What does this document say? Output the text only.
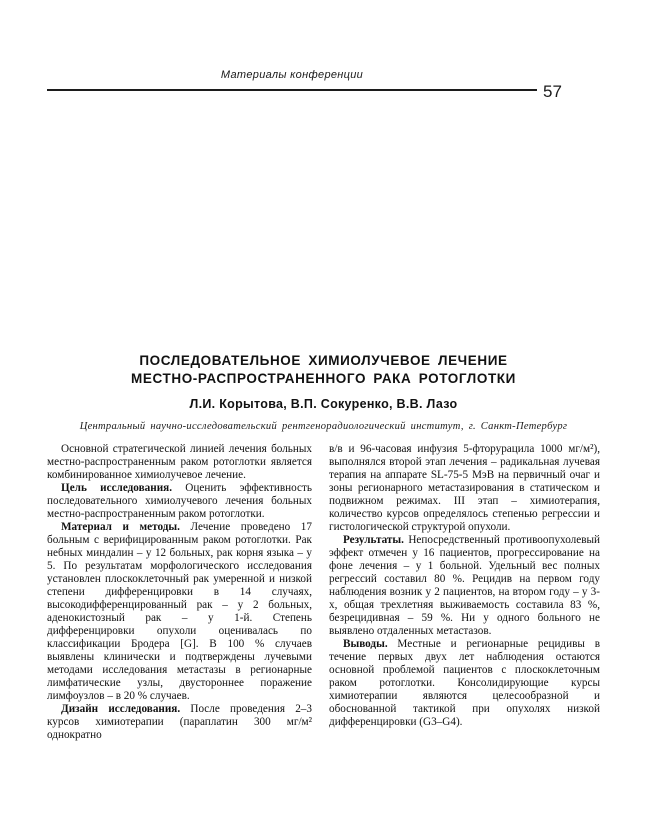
Материалы конференции
57
ПОСЛЕДОВАТЕЛЬНОЕ ХИМИОЛУЧЕВОЕ ЛЕЧЕНИЕ
МЕСТНО-РАСПРОСТРАНЕННОГО РАКА РОТОГЛОТКИ
Л.И. Корытова, В.П. Сокуренко, В.В. Лазо
Центральный научно-исследовательский рентгенорадиологический институт, г. Санкт-Петербург

Основной стратегической линией лечения больных местно-распространенным раком ротоглотки является комбинированное химиолучевое лечение.

Цель исследования. Оценить эффективность последовательного химиолучевого лечения больных местно-распространенным раком ротоглотки.

Материал и методы. Лечение проведено 17 больным с верифицированным раком ротоглотки. Рак небных миндалин – у 12 больных, рак корня языка – у 5. По результатам морфологического исследования установлен плоскоклеточный рак умеренной и низкой степени дифференцировки в 14 случаях, высокодифференцированный рак – у 2 больных, аденокистозный рак – у 1-й. Степень дифференцировки опухоли оценивалась по классификации Бродера [G]. В 100 % случаев выявлены клинически и подтверждены лучевыми методами исследования метастазы в регионарные лимфатические узлы, двустороннее поражение лимфоузлов – в 20 % случаев.

Дизайн исследования. После проведения 2–3 курсов химиотерапии (параплатин 300 мг/м² однократно

в/в и 96-часовая инфузия 5-фторурацила 1000 мг/м²), выполнялся второй этап лечения – радикальная лучевая терапия на аппарате SL-75-5 МэВ на первичный очаг и зоны регионарного метастазирования в статическом и подвижном режимах. III этап – химиотерапия, количество курсов определялось степенью регрессии и гистологической структурой опухоли.

Результаты. Непосредственный противоопухолевый эффект отмечен у 16 пациентов, прогрессирование на фоне лечения – у 1 больной. Удельный вес полных регрессий составил 80 %. Рецидив на первом году наблюдения возник у 2 пациентов, на втором году – у 3-х, общая трехлетняя выживаемость составила 83 %, безрецидивная – 59 %. Ни у одного больного не выявлено отдаленных метастазов.

Выводы. Местные и регионарные рецидивы в течение первых двух лет наблюдения остаются основной проблемой пациентов с плоскоклеточным раком ротоглотки. Консолидирующие курсы химиотерапии являются целесообразной и обоснованной тактикой при опухолях низкой дифференцировки (G3–G4).
